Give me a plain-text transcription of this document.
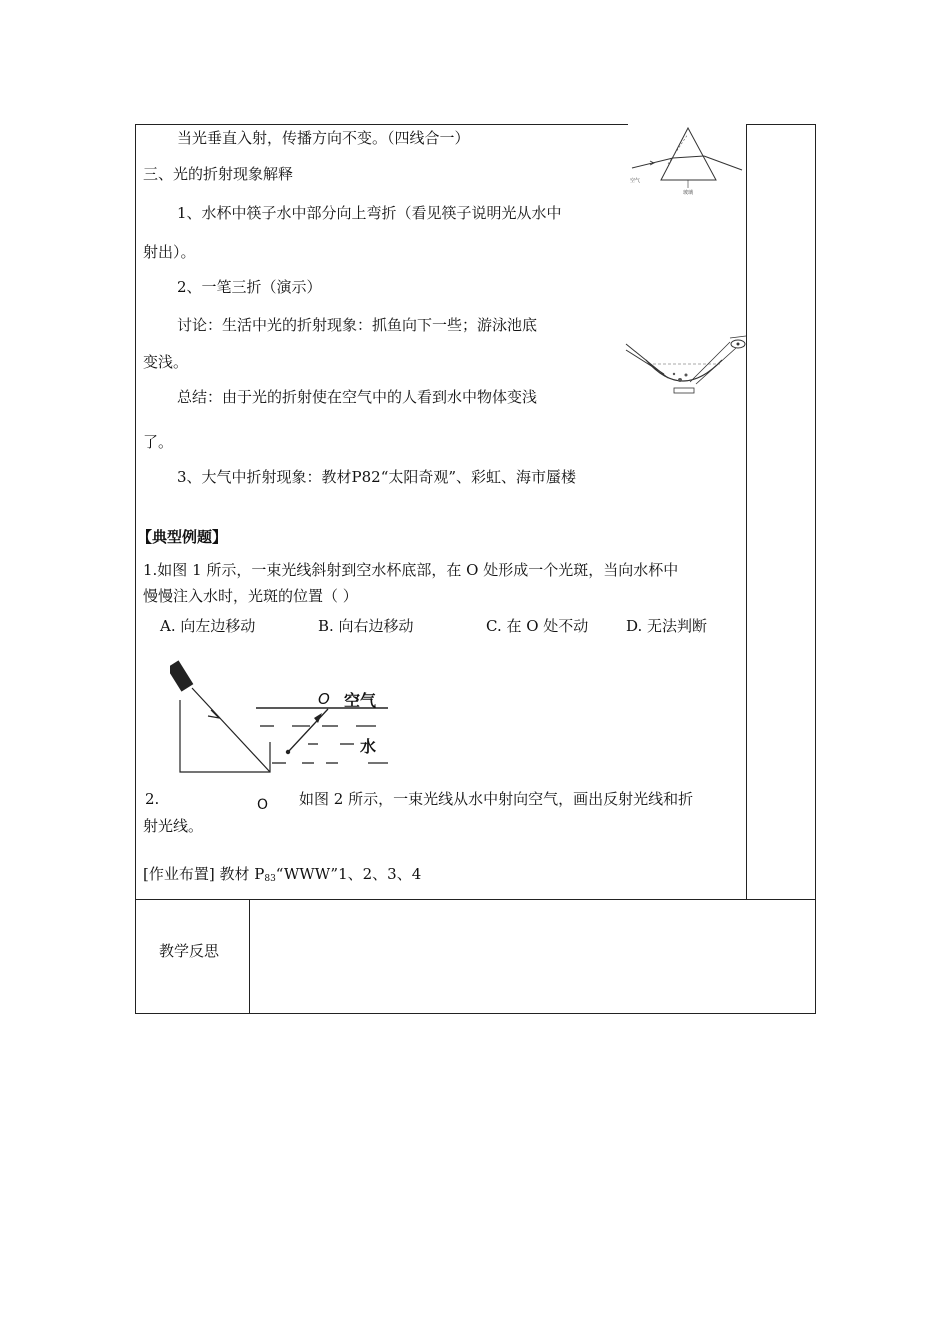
当光垂直入射，传播方向不变。（四线合一）
三、光的折射现象解释
1、水杯中筷子水中部分向上弯折（看见筷子说明光从水中
射出）。
2、一笔三折（演示）
讨论：生活中光的折射现象：抓鱼向下一些；游泳池底
变浅。
总结：由于光的折射使在空气中的人看到水中物体变浅
了。
3、大气中折射现象：教材P82“太阳奇观”、彩虹、海市蜃楼
空气
玻璃
【典型例题】
1.如图 1 所示，一束光线斜射到空水杯底部，在 O 处形成一个光斑，当向水杯中
慢慢注入水时，光斑的位置（ ）
A. 向左边移动	B. 向右边移动	C. 在 O 处不动	D. 无法判断
O
O 空气
水
2.	如图 2 所示，一束光线从水中射向空气，画出反射光线和折
射光线。
[作业布置] 教材 $P_{83}“WWW”1$、2、3、4
教学反思
